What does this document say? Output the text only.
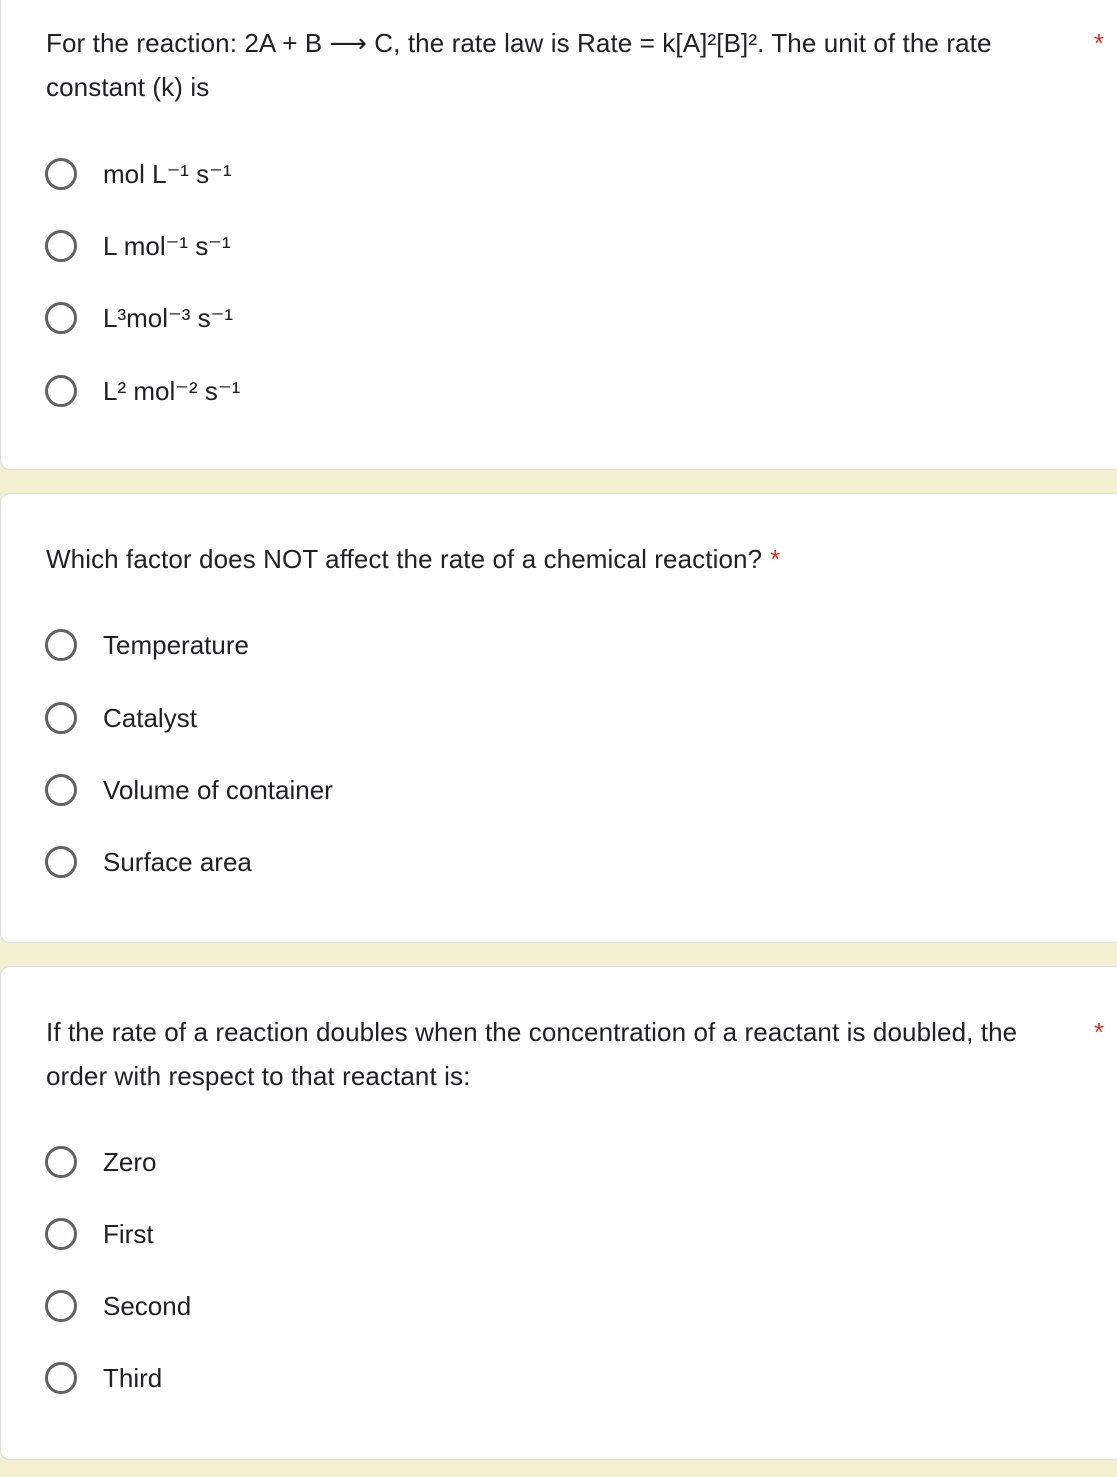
For the reaction: 2A + B ⟶ C, the rate law is Rate = k[A]²[B]². The unit of the rate constant (k) is
*
mol L⁻¹ s⁻¹
L mol⁻¹ s⁻¹
L³mol⁻³ s⁻¹
L² mol⁻² s⁻¹
Which factor does NOT affect the rate of a chemical reaction? *
Temperature
Catalyst
Volume of container
Surface area
If the rate of a reaction doubles when the concentration of a reactant is doubled, the order with respect to that reactant is:
*
Zero
First
Second
Third
